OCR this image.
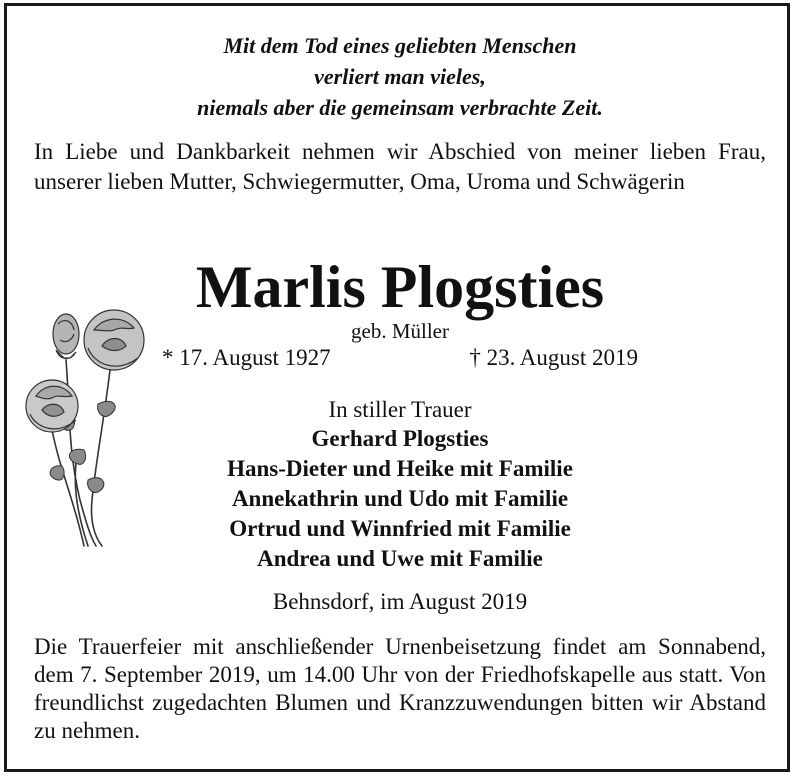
Mit dem Tod eines geliebten Menschen
verliert man vieles,
niemals aber die gemeinsam verbrachte Zeit.
In Liebe und Dankbarkeit nehmen wir Abschied von meiner lieben Frau, unserer lieben Mutter, Schwiegermutter, Oma, Uroma und Schwägerin
Marlis Plogsties
geb. Müller
* 17. August 1927	† 23. August 2019
In stiller Trauer
Gerhard Plogsties
Hans-Dieter und Heike mit Familie
Annekathrin und Udo mit Familie
Ortrud und Winnfried mit Familie
Andrea und Uwe mit Familie
Behnsdorf, im August 2019
Die Trauerfeier mit anschließender Urnenbeisetzung findet am Sonnabend, dem 7. September 2019, um 14.00 Uhr von der Friedhofskapelle aus statt. Von freundlichst zugedachten Blumen und Kranzzuwendungen bitten wir Abstand zu nehmen.
